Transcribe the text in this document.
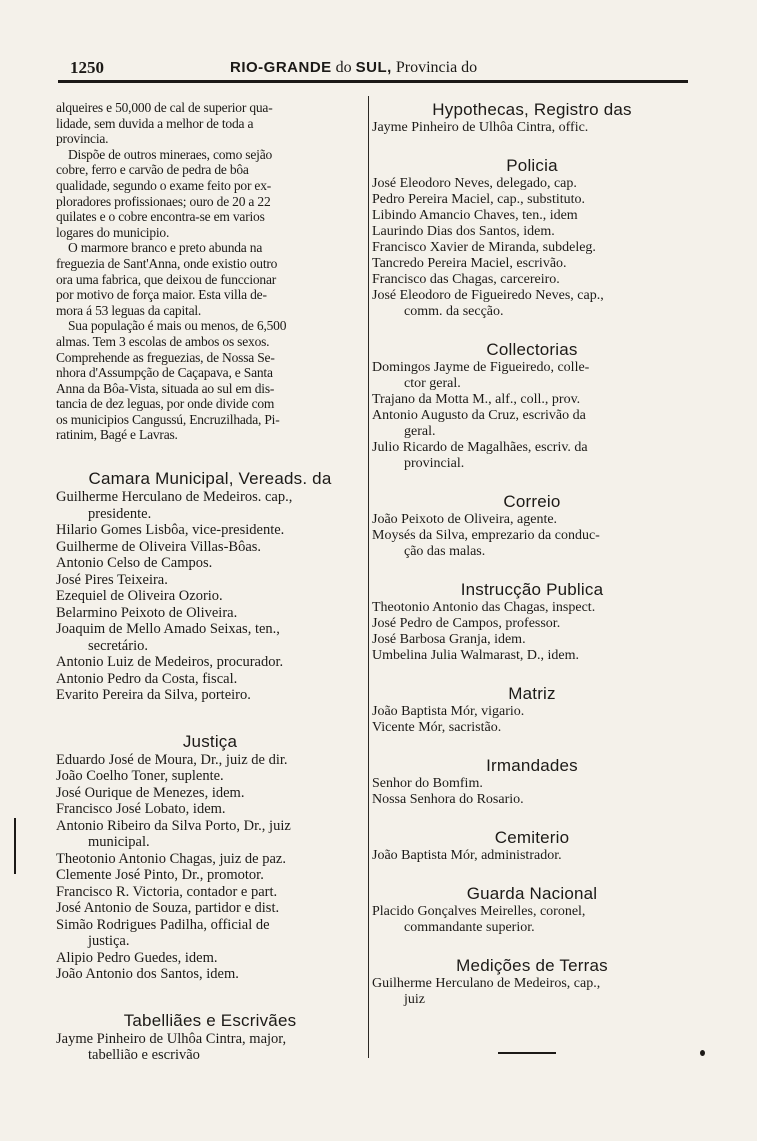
1250	RIO-GRANDE do SUL, Provincia do
alqueires e 50,000 de cal de superior qua-
lidade, sem duvida a melhor de toda a
provincia.
Dispõe de outros mineraes, como sejão
cobre, ferro e carvão de pedra de bôa
qualidade, segundo o exame feito por ex-
ploradores profissionaes; ouro de 20 a 22
quilates e o cobre encontra-se em varios
logares do municipio.
O marmore branco e preto abunda na
freguezia de Sant'Anna, onde existio outro
ora uma fabrica, que deixou de funccionar
por motivo de força maior. Esta villa de-
mora á 53 leguas da capital.
Sua população é mais ou menos, de 6,500
almas. Tem 3 escolas de ambos os sexos.
Comprehende as freguezias, de Nossa Se-
nhora d'Assumpção de Caçapava, e Santa
Anna da Bôa-Vista, situada ao sul em dis-
tancia de dez leguas, por onde divide com
os municipios Cangussú, Encruzilhada, Pi-
ratinim, Bagé e Lavras.
Camara Municipal, Vereads. da
Guilherme Herculano de Medeiros. cap.,
presidente.
Hilario Gomes Lisbôa, vice-presidente.
Guilherme de Oliveira Villas-Bôas.
Antonio Celso de Campos.
José Pires Teixeira.
Ezequiel de Oliveira Ozorio.
Belarmino Peixoto de Oliveira.
Joaquim de Mello Amado Seixas, ten.,
secretário.
Antonio Luiz de Medeiros, procurador.
Antonio Pedro da Costa, fiscal.
Evarito Pereira da Silva, porteiro.
Justiça
Eduardo José de Moura, Dr., juiz de dir.
João Coelho Toner, suplente.
José Ourique de Menezes, idem.
Francisco José Lobato, idem.
Antonio Ribeiro da Silva Porto, Dr., juiz
municipal.
Theotonio Antonio Chagas, juiz de paz.
Clemente José Pinto, Dr., promotor.
Francisco R. Victoria, contador e part.
José Antonio de Souza, partidor e dist.
Simão Rodrigues Padilha, official de
justiça.
Alipio Pedro Guedes, idem.
João Antonio dos Santos, idem.
Tabelliães e Escrivães
Jayme Pinheiro de Ulhôa Cintra, major,
tabellião e escrivão
Hypothecas, Registro das
Jayme Pinheiro de Ulhôa Cintra, offic.
Policia
José Eleodoro Neves, delegado, cap.
Pedro Pereira Maciel, cap., substituto.
Libindo Amancio Chaves, ten., idem
Laurindo Dias dos Santos, idem.
Francisco Xavier de Miranda, subdeleg.
Tancredo Pereira Maciel, escrivão.
Francisco das Chagas, carcereiro.
José Eleodoro de Figueiredo Neves, cap.,
comm. da secção.
Collectorias
Domingos Jayme de Figueiredo, colle-
ctor geral.
Trajano da Motta M., alf., coll., prov.
Antonio Augusto da Cruz, escrivão da
geral.
Julio Ricardo de Magalhães, escriv. da
provincial.
Correio
João Peixoto de Oliveira, agente.
Moysés da Silva, emprezario da conduc-
ção das malas.
Instrucção Publica
Theotonio Antonio das Chagas, inspect.
José Pedro de Campos, professor.
José Barbosa Granja, idem.
Umbelina Julia Walmarast, D., idem.
Matriz
João Baptista Mór, vigario.
Vicente Mór, sacristão.
Irmandades
Senhor do Bomfim.
Nossa Senhora do Rosario.
Cemiterio
João Baptista Mór, administrador.
Guarda Nacional
Placido Gonçalves Meirelles, coronel,
commandante superior.
Medições de Terras
Guilherme Herculano de Medeiros, cap.,
juiz
